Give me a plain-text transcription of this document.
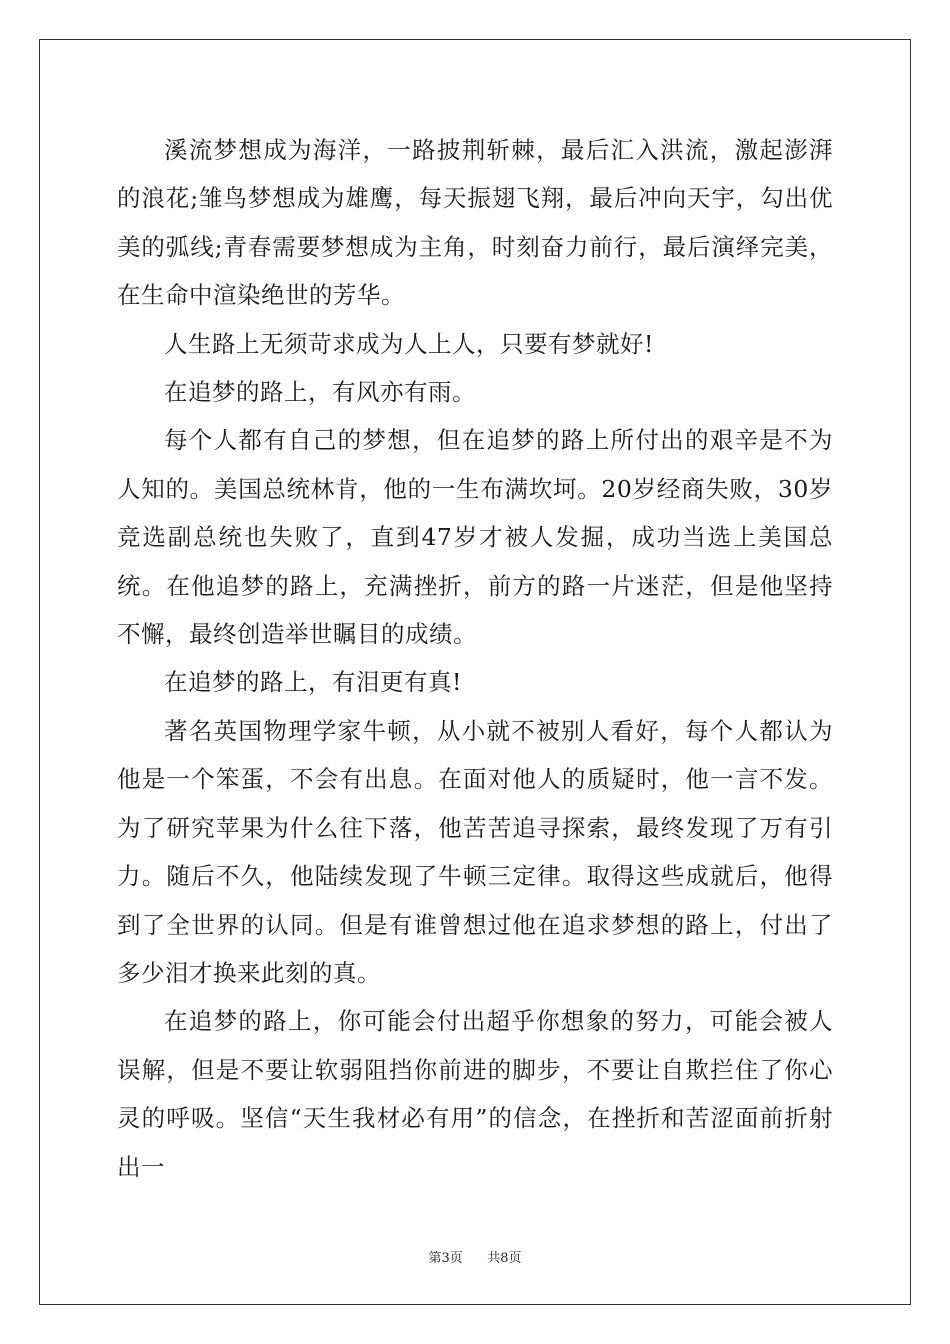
溪流梦想成为海洋，一路披荆斩棘，最后汇入洪流，激起澎湃的浪花;雏鸟梦想成为雄鹰，每天振翅飞翔，最后冲向天宇，勾出优美的弧线;青春需要梦想成为主角，时刻奋力前行，最后演绎完美，在生命中渲染绝世的芳华。

人生路上无须苛求成为人上人，只要有梦就好!

在追梦的路上，有风亦有雨。

每个人都有自己的梦想，但在追梦的路上所付出的艰辛是不为人知的。美国总统林肯，他的一生布满坎坷。20岁经商失败，30岁竞选副总统也失败了，直到47岁才被人发掘，成功当选上美国总统。在他追梦的路上，充满挫折，前方的路一片迷茫，但是他坚持不懈，最终创造举世瞩目的成绩。

在追梦的路上，有泪更有真!

著名英国物理学家牛顿，从小就不被别人看好，每个人都认为他是一个笨蛋，不会有出息。在面对他人的质疑时，他一言不发。为了研究苹果为什么往下落，他苦苦追寻探索，最终发现了万有引力。随后不久，他陆续发现了牛顿三定律。取得这些成就后，他得到了全世界的认同。但是有谁曾想过他在追求梦想的路上，付出了多少泪才换来此刻的真。

在追梦的路上，你可能会付出超乎你想象的努力，可能会被人误解，但是不要让软弱阻挡你前进的脚步，不要让自欺拦住了你心灵的呼吸。坚信“天生我材必有用”的信念，在挫折和苦涩面前折射出一

第3页 共8页
